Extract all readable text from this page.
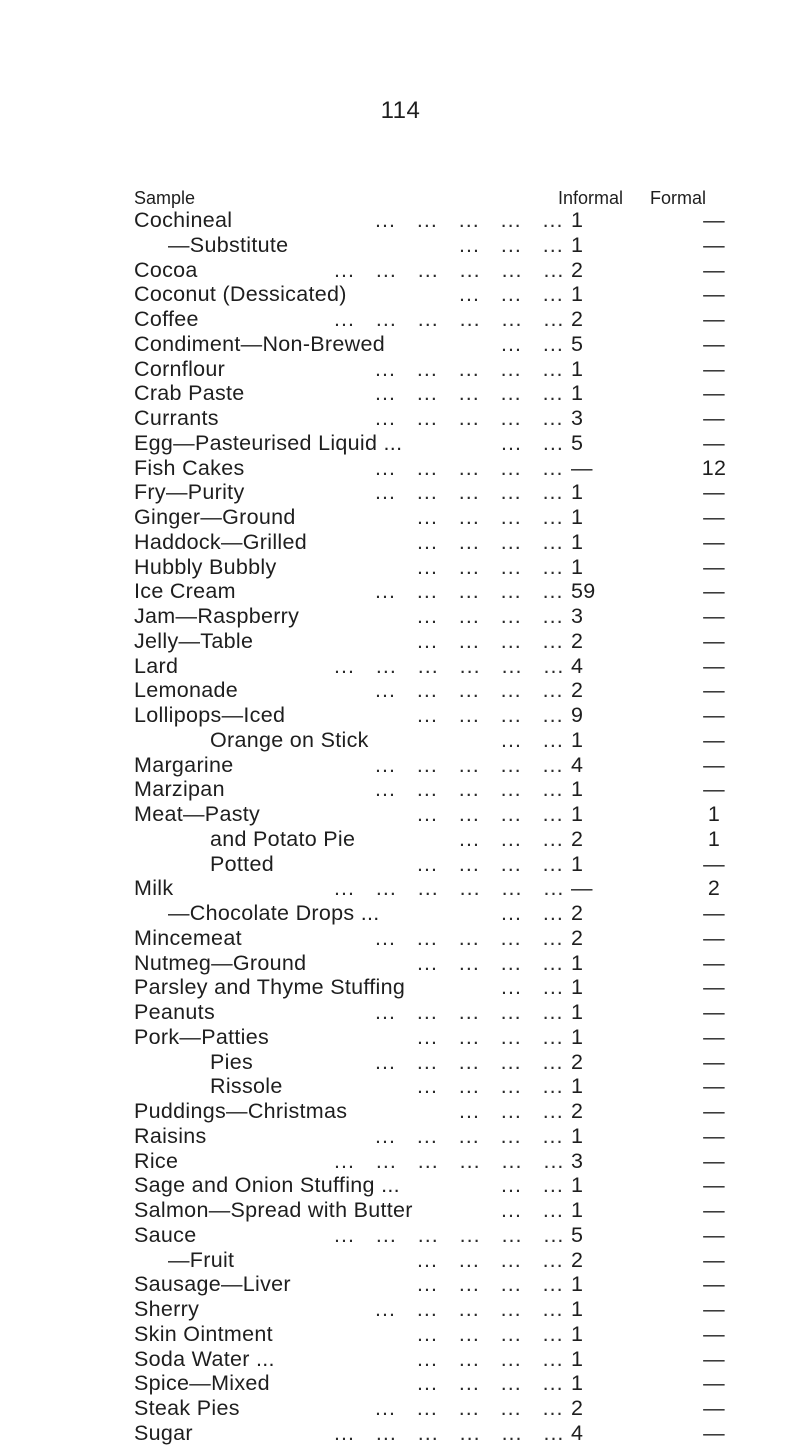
114
Sample	Informal Formal
Cochineal	... ... ... ... ... 1	—
—Substitute	... ... ... 1	—
Cocoa	... ... ... ... ... ... 2	—
Coconut (Dessicated)	... ... ... 1	—
Coffee	... ... ... ... ... ... 2	—
Condiment—Non-Brewed	... ... 5	—
Cornflour	... ... ... ... ... 1	—
Crab Paste	... ... ... ... ... 1	—
Currants	... ... ... ... ... 3	—
Egg—Pasteurised Liquid ...	... ... 5	—
Fish Cakes	... ... ... ... ... —	12
Fry—Purity	... ... ... ... ... 1	—
Ginger—Ground	... ... ... ... 1	—
Haddock—Grilled	... ... ... ... 1	—
Hubbly Bubbly	... ... ... ... 1	—
Ice Cream	... ... ... ... ... 59	—
Jam—Raspberry	... ... ... ... 3	—
Jelly—Table	... ... ... ... 2	—
Lard	... ... ... ... ... ... 4	—
Lemonade	... ... ... ... ... 2	—
Lollipops—Iced	... ... ... ... 9	—
Orange on Stick	... ... 1	—
Margarine	... ... ... ... ... 4	—
Marzipan	... ... ... ... ... 1	—
Meat—Pasty	... ... ... ... 1	1
and Potato Pie	... ... ... 2	1
Potted	... ... ... ... 1	—
Milk	... ... ... ... ... ... —	2
—Chocolate Drops ...	... ... 2	—
Mincemeat	... ... ... ... ... 2	—
Nutmeg—Ground	... ... ... ... 1	—
Parsley and Thyme Stuffing	... ... 1	—
Peanuts	... ... ... ... ... 1	—
Pork—Patties	... ... ... ... 1	—
Pies	... ... ... ... ... 2	—
Rissole	... ... ... ... 1	—
Puddings—Christmas	... ... ... 2	—
Raisins	... ... ... ... ... 1	—
Rice	... ... ... ... ... ... 3	—
Sage and Onion Stuffing ...	... ... 1	—
Salmon—Spread with Butter	... ... 1	—
Sauce	... ... ... ... ... ... 5	—
—Fruit	... ... ... ... 2	—
Sausage—Liver	... ... ... ... 1	—
Sherry	... ... ... ... ... 1	—
Skin Ointment	... ... ... ... 1	—
Soda Water ...	... ... ... ... 1	—
Spice—Mixed	... ... ... ... 1	—
Steak Pies	... ... ... ... ... 2	—
Sugar	... ... ... ... ... ... 4	—
